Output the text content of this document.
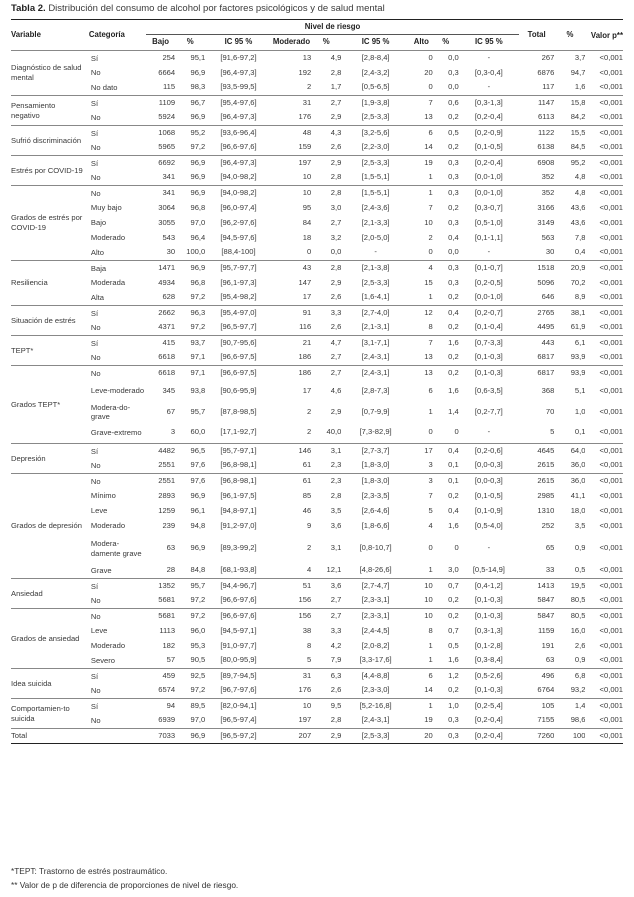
Tabla 2. Distribución del consumo de alcohol por factores psicológicos y de salud mental
Variable	Categoría	Nivel de riesgo									Total	%	Valor p**
		Bajo	%	IC 95 %	Moderado	%	IC 95 %	Alto	%	IC 95 %			
Diagnóstico de salud mental	Sí	254	95,1	[91,6-97,2]	13	4,9	[2,8-8,4]	0	0,0	-	267	3,7	<0,001
	No	6664	96,9	[96,4-97,3]	192	2,8	[2,4-3,2]	20	0,3	[0,3-0,4]	6876	94,7	<0,001
	No dato	115	98,3	[93,5-99,5]	2	1,7	[0,5-6,5]	0	0,0	-	117	1,6	<0,001
Pensamiento negativo	Sí	1109	96,7	[95,4-97,6]	31	2,7	[1,9-3,8]	7	0,6	[0,3-1,3]	1147	15,8	<0,001
	No	5924	96,9	[96,4-97,3]	176	2,9	[2,5-3,3]	13	0,2	[0,2-0,4]	6113	84,2	<0,001
Sufrió discriminación	Sí	1068	95,2	[93,6-96,4]	48	4,3	[3,2-5,6]	6	0,5	[0,2-0,9]	1122	15,5	<0,001
	No	5965	97,2	[96,6-97,6]	159	2,6	[2,2-3,0]	14	0,2	[0,1-0,5]	6138	84,5	<0,001
Estrés por COVID-19	Sí	6692	96,9	[96,4-97,3]	197	2,9	[2,5-3,3]	19	0,3	[0,2-0,4]	6908	95,2	<0,001
	No	341	96,9	[94,0-98,2]	10	2,8	[1,5-5,1]	1	0,3	[0,0-1,0]	352	4,8	<0,001
Grados de estrés por COVID-19	No	341	96,9	[94,0-98,2]	10	2,8	[1,5-5,1]	1	0,3	[0,0-1,0]	352	4,8	<0,001
	Muy bajo	3064	96,8	[96,0-97,4]	95	3,0	[2,4-3,6]	7	0,2	[0,3-0,7]	3166	43,6	<0,001
	Bajo	3055	97,0	[96,2-97,6]	84	2,7	[2,1-3,3]	10	0,3	[0,5-1,0]	3149	43,6	<0,001
	Moderado	543	96,4	[94,5-97,6]	18	3,2	[2,0-5,0]	2	0,4	[0,1-1,1]	563	7,8	<0,001
	Alto	30	100,0	[88,4-100]	0	0,0	-	0	0,0	-	30	0,4	<0,001
Resiliencia	Baja	1471	96,9	[95,7-97,7]	43	2,8	[2,1-3,8]	4	0,3	[0,1-0,7]	1518	20,9	<0,001
	Moderada	4934	96,8	[96,1-97,3]	147	2,9	[2,5-3,3]	15	0,3	[0,2-0,5]	5096	70,2	<0,001
	Alta	628	97,2	[95,4-98,2]	17	2,6	[1,6-4,1]	1	0,2	[0,0-1,0]	646	8,9	<0,001
Situación de estrés	Sí	2662	96,3	[95,4-97,0]	91	3,3	[2,7-4,0]	12	0,4	[0,2-0,7]	2765	38,1	<0,001
	No	4371	97,2	[96,5-97,7]	116	2,6	[2,1-3,1]	8	0,2	[0,1-0,4]	4495	61,9	<0,001
TEPT*	Sí	415	93,7	[90,7-95,6]	21	4,7	[3,1-7,1]	7	1,6	[0,7-3,3]	443	6,1	<0,001
	No	6618	97,1	[96,6-97,5]	186	2,7	[2,4-3,1]	13	0,2	[0,1-0,3]	6817	93,9	<0,001
Grados TEPT*	No	6618	97,1	[96,6-97,5]	186	2,7	[2,4-3,1]	13	0,2	[0,1-0,3]	6817	93,9	<0,001
	Leve-moderado	345	93,8	[90,6-95,9]	17	4,6	[2,8-7,3]	6	1,6	[0,6-3,5]	368	5,1	<0,001
	Modera-do-grave	67	95,7	[87,8-98,5]	2	2,9	[0,7-9,9]	1	1,4	[0,2-7,7]	70	1,0	<0,001
	Grave-extremo	3	60,0	[17,1-92,7]	2	40,0	[7,3-82,9]	0	0	-	5	0,1	<0,001
Depresión	Sí	4482	96,5	[95,7-97,1]	146	3,1	[2,7-3,7]	17	0,4	[0,2-0,6]	4645	64,0	<0,001
	No	2551	97,6	[96,8-98,1]	61	2,3	[1,8-3,0]	3	0,1	[0,0-0,3]	2615	36,0	<0,001
Grados de depresión	No	2551	97,6	[96,8-98,1]	61	2,3	[1,8-3,0]	3	0,1	[0,0-0,3]	2615	36,0	<0,001
	Mínimo	2893	96,9	[96,1-97,5]	85	2,8	[2,3-3,5]	7	0,2	[0,1-0,5]	2985	41,1	<0,001
	Leve	1259	96,1	[94,8-97,1]	46	3,5	[2,6-4,6]	5	0,4	[0,1-0,9]	1310	18,0	<0,001
	Moderado	239	94,8	[91,2-97,0]	9	3,6	[1,8-6,6]	4	1,6	[0,5-4,0]	252	3,5	<0,001
	Modera-damente grave	63	96,9	[89,3-99,2]	2	3,1	[0,8-10,7]	0	0	-	65	0,9	<0,001
	Grave	28	84,8	[68,1-93,8]	4	12,1	[4,8-26,6]	1	3,0	[0,5-14,9]	33	0,5	<0,001
Ansiedad	Sí	1352	95,7	[94,4-96,7]	51	3,6	[2,7-4,7]	10	0,7	[0,4-1,2]	1413	19,5	<0,001
	No	5681	97,2	[96,6-97,6]	156	2,7	[2,3-3,1]	10	0,2	[0,1-0,3]	5847	80,5	<0,001
Grados de ansiedad	No	5681	97,2	[96,6-97,6]	156	2,7	[2,3-3,1]	10	0,2	[0,1-0,3]	5847	80,5	<0,001
	Leve	1113	96,0	[94,5-97,1]	38	3,3	[2,4-4,5]	8	0,7	[0,3-1,3]	1159	16,0	<0,001
	Moderado	182	95,3	[91,0-97,7]	8	4,2	[2,0-8,2]	1	0,5	[0,1-2,8]	191	2,6	<0,001
	Severo	57	90,5	[80,0-95,9]	5	7,9	[3,3-17,6]	1	1,6	[0,3-8,4]	63	0,9	<0,001
Idea suicida	Sí	459	92,5	[89,7-94,5]	31	6,3	[4,4-8,8]	6	1,2	[0,5-2,6]	496	6,8	<0,001
	No	6574	97,2	[96,7-97,6]	176	2,6	[2,3-3,0]	14	0,2	[0,1-0,3]	6764	93,2	<0,001
Comportamien-to suicida	Sí	94	89,5	[82,0-94,1]	10	9,5	[5,2-16,8]	1	1,0	[0,2-5,4]	105	1,4	<0,001
	No	6939	97,0	[96,5-97,4]	197	2,8	[2,4-3,1]	19	0,3	[0,2-0,4]	7155	98,6	<0,001
Total		7033	96,9	[96,5-97,2]	207	2,9	[2,5-3,3]	20	0,3	[0,2-0,4]	7260	100	<0,001
*TEPT: Trastorno de estrés postraumático.
** Valor de p de diferencia de proporciones de nivel de riesgo.
